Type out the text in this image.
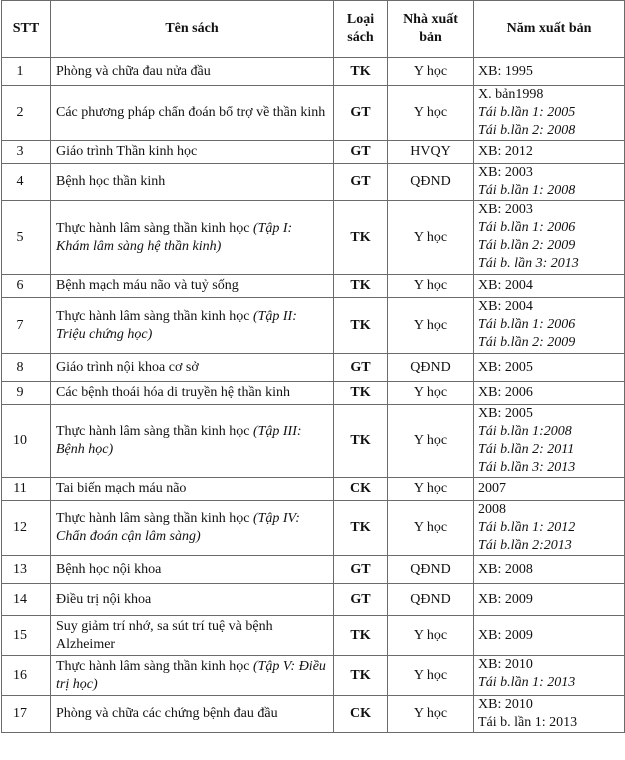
STT	Tên sách	Loại sách	Nhà xuất bản	Năm xuất bản
1	Phòng và chữa đau nửa đầu	TK	Y học	XB: 1995

2	Các phương pháp chẩn đoán bổ trợ về thần kinh	GT	Y học	X. bản1998
Tái b.lần 1: 2005
Tái b.lần 2: 2008

3	Giáo trình Thần kinh học	GT	HVQY	XB: 2012

4	Bệnh học thần kinh	GT	QĐND	XB: 2003
Tái b.lần 1: 2008

5	Thực hành lâm sàng thần kinh học (Tập I: Khám lâm sàng hệ thần kinh)	TK	Y học	XB: 2003
Tái b.lần 1: 2006
Tái b.lần 2: 2009
Tái b. lần 3: 2013

6	Bệnh mạch máu não và tuỷ sống	TK	Y học	XB: 2004

7	Thực hành lâm sàng thần kinh học (Tập II: Triệu chứng học)	TK	Y học	XB: 2004
Tái b.lần 1: 2006
Tái b.lần 2: 2009

8	Giáo trình nội khoa cơ sở	GT	QĐND	XB: 2005

9	Các bệnh thoái hóa di truyền hệ thần kinh	TK	Y học	XB: 2006

10	Thực hành lâm sàng thần kinh học (Tập III: Bệnh học)	TK	Y học	XB: 2005
Tái b.lần 1:2008
Tái b.lần 2: 2011
Tái b.lần 3: 2013

11	Tai biến mạch máu não	CK	Y học	2007

12	Thực hành lâm sàng thần kinh học (Tập IV: Chẩn đoán cận lâm sàng)	TK	Y học	2008
Tái b.lần 1: 2012
Tái b.lần 2:2013

13	Bệnh học nội khoa	GT	QĐND	XB: 2008

14	Điều trị nội khoa	GT	QĐND	XB: 2009

15	Suy giảm trí nhớ, sa sút trí tuệ và bệnh Alzheimer	TK	Y học	XB: 2009

16	Thực hành lâm sàng thần kinh học (Tập V: Điều trị học)	TK	Y học	XB: 2010
Tái b.lần 1: 2013

17	Phòng và chữa các chứng bệnh đau đầu	CK	Y học	XB: 2010
Tái b. lần 1: 2013
